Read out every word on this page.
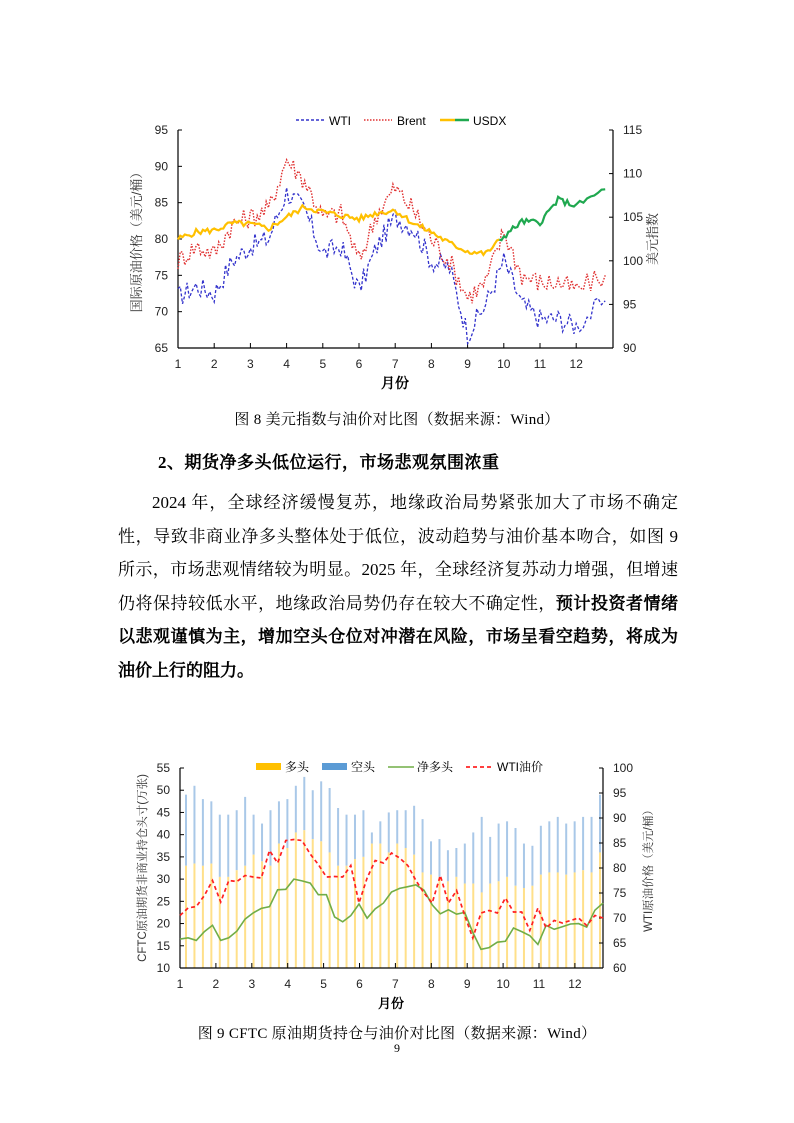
WTI	Brent	USDX
95
90
85
80
75
70
65
115
110
105
100
95
90
1 2 3 4 5 6 7 8 9 10 11 12
月份
国际原油价格（美元/桶）	美元指数
图 8 美元指数与油价对比图（数据来源：Wind）
2、期货净多头低位运行，市场悲观氛围浓重

2024 年，全球经济缓慢复苏，地缘政治局势紧张加大了市场不确定性，导致非商业净多头整体处于低位，波动趋势与油价基本吻合，如图 9 所示，市场悲观情绪较为明显。2025 年，全球经济复苏动力增强，但增速仍将保持较低水平，地缘政治局势仍存在较大不确定性，预计投资者情绪以悲观谨慎为主，增加空头仓位对冲潜在风险，市场呈看空趋势，将成为油价上行的阻力。

多头	空头	净多头	WTI油价
55
50
45
40
35
30
25
20
15
10
100
95
90
85
80
75
70
65
60
1 2 3 4 5 6 7 8 9 10 11 12
月份
CFTC原油期货非商业持仓头寸(万张)	WTI原油价格（美元/桶）
图 9 CFTC 原油期货持仓与油价对比图（数据来源：Wind）
9
